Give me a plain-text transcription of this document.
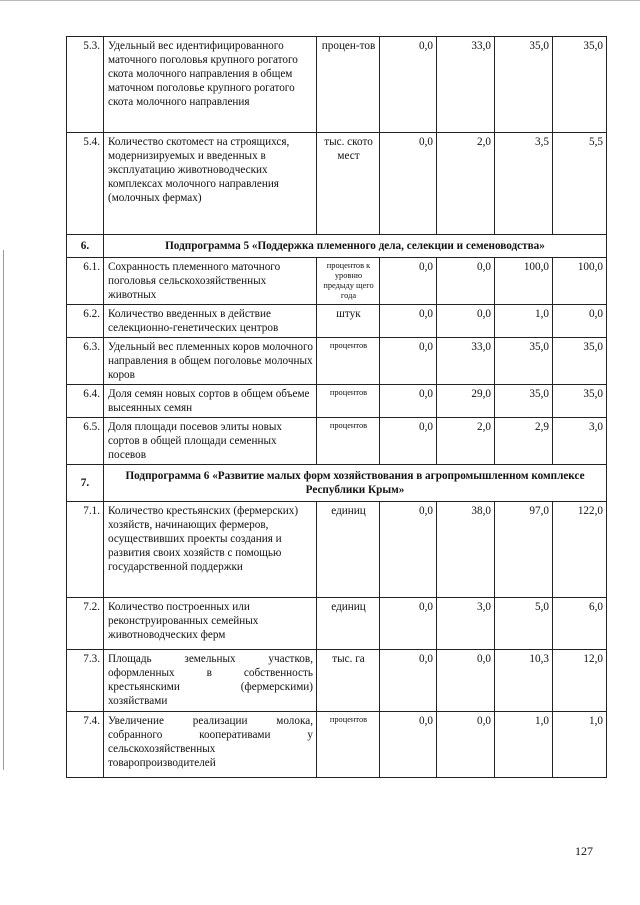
5.3.	Удельный вес идентифицированного маточного поголовья крупного рогатого скота молочного направления в общем маточном поголовье крупного рогатого скота молочного направления	процен-тов	0,0	33,0	35,0	35,0
5.4.	Количество скотомест на строящихся, модернизируемых и введенных в эксплуатацию животноводческих комплексах молочного направления (молочных фермах)	тыс. ското мест	0,0	2,0	3,5	5,5
6.	Подпрограмма 5 «Поддержка племенного дела, селекции и семеноводства»					
6.1.	Сохранность племенного маточного поголовья сельскохозяйственных животных	процентов к уровню предыду щего года	0,0	0,0	100,0	100,0
6.2.	Количество введенных в действие селекционно-генетических центров	штук	0,0	0,0	1,0	0,0
6.3.	Удельный вес племенных коров молочного направления в общем поголовье молочных коров	процентов	0,0	33,0	35,0	35,0
6.4.	Доля семян новых сортов в общем объеме высеянных семян	процентов	0,0	29,0	35,0	35,0
6.5.	Доля площади посевов элиты новых сортов в общей площади семенных посевов	процентов	0,0	2,0	2,9	3,0
7.	Подпрограмма 6 «Развитие малых форм хозяйствования в агропромышленном комплексе Республики Крым»					
7.1.	Количество крестьянских (фермерских) хозяйств, начинающих фермеров, осуществивших проекты создания и развития своих хозяйств с помощью государственной поддержки	единиц	0,0	38,0	97,0	122,0
7.2.	Количество построенных или реконструированных семейных животноводческих ферм	единиц	0,0	3,0	5,0	6,0
7.3.	Площадь земельных участков, оформленных в собственность крестьянскими (фермерскими) хозяйствами	тыс. га	0,0	0,0	10,3	12,0
7.4.	Увеличение реализации молока, собранного кооперативами у сельскохозяйственных товаропроизводителей	процентов	0,0	0,0	1,0	1,0
127
